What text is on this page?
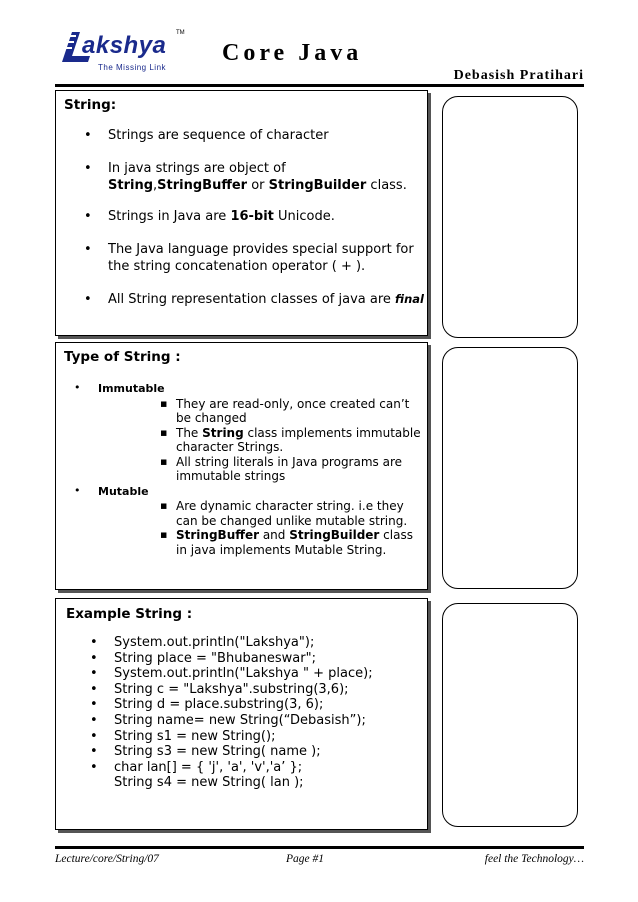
akshya TM
The Missing Link
Core Java
Debasish Pratihari
String:
• Strings are sequence of character
• In java strings are object of
String,StringBuffer or StringBuilder class.
• Strings in Java are 16-bit Unicode.
• The Java language provides special support for the string concatenation operator ( + ).
• All String representation classes of java are final
Type of String :
• Immutable
▪ They are read-only, once created can’t be changed
▪ The String class implements immutable character Strings.
▪ All string literals in Java programs are immutable strings
• Mutable
▪ Are dynamic character string. i.e they can be changed unlike mutable string.
▪ StringBuffer and StringBuilder class in java implements Mutable String.
Example String :
• System.out.println("Lakshya");
• String place = "Bhubaneswar";
• System.out.println("Lakshya " + place);
• String c = "Lakshya".substring(3,6);
• String d = place.substring(3, 6);
• String name= new String(“Debasish”);
• String s1 = new String();
• String s3 = new String( name );
• char lan[] = { 'j', 'a', 'v','a’ };
String s4 = new String( lan );
Lecture/core/String/07	Page #1	feel the Technology…
